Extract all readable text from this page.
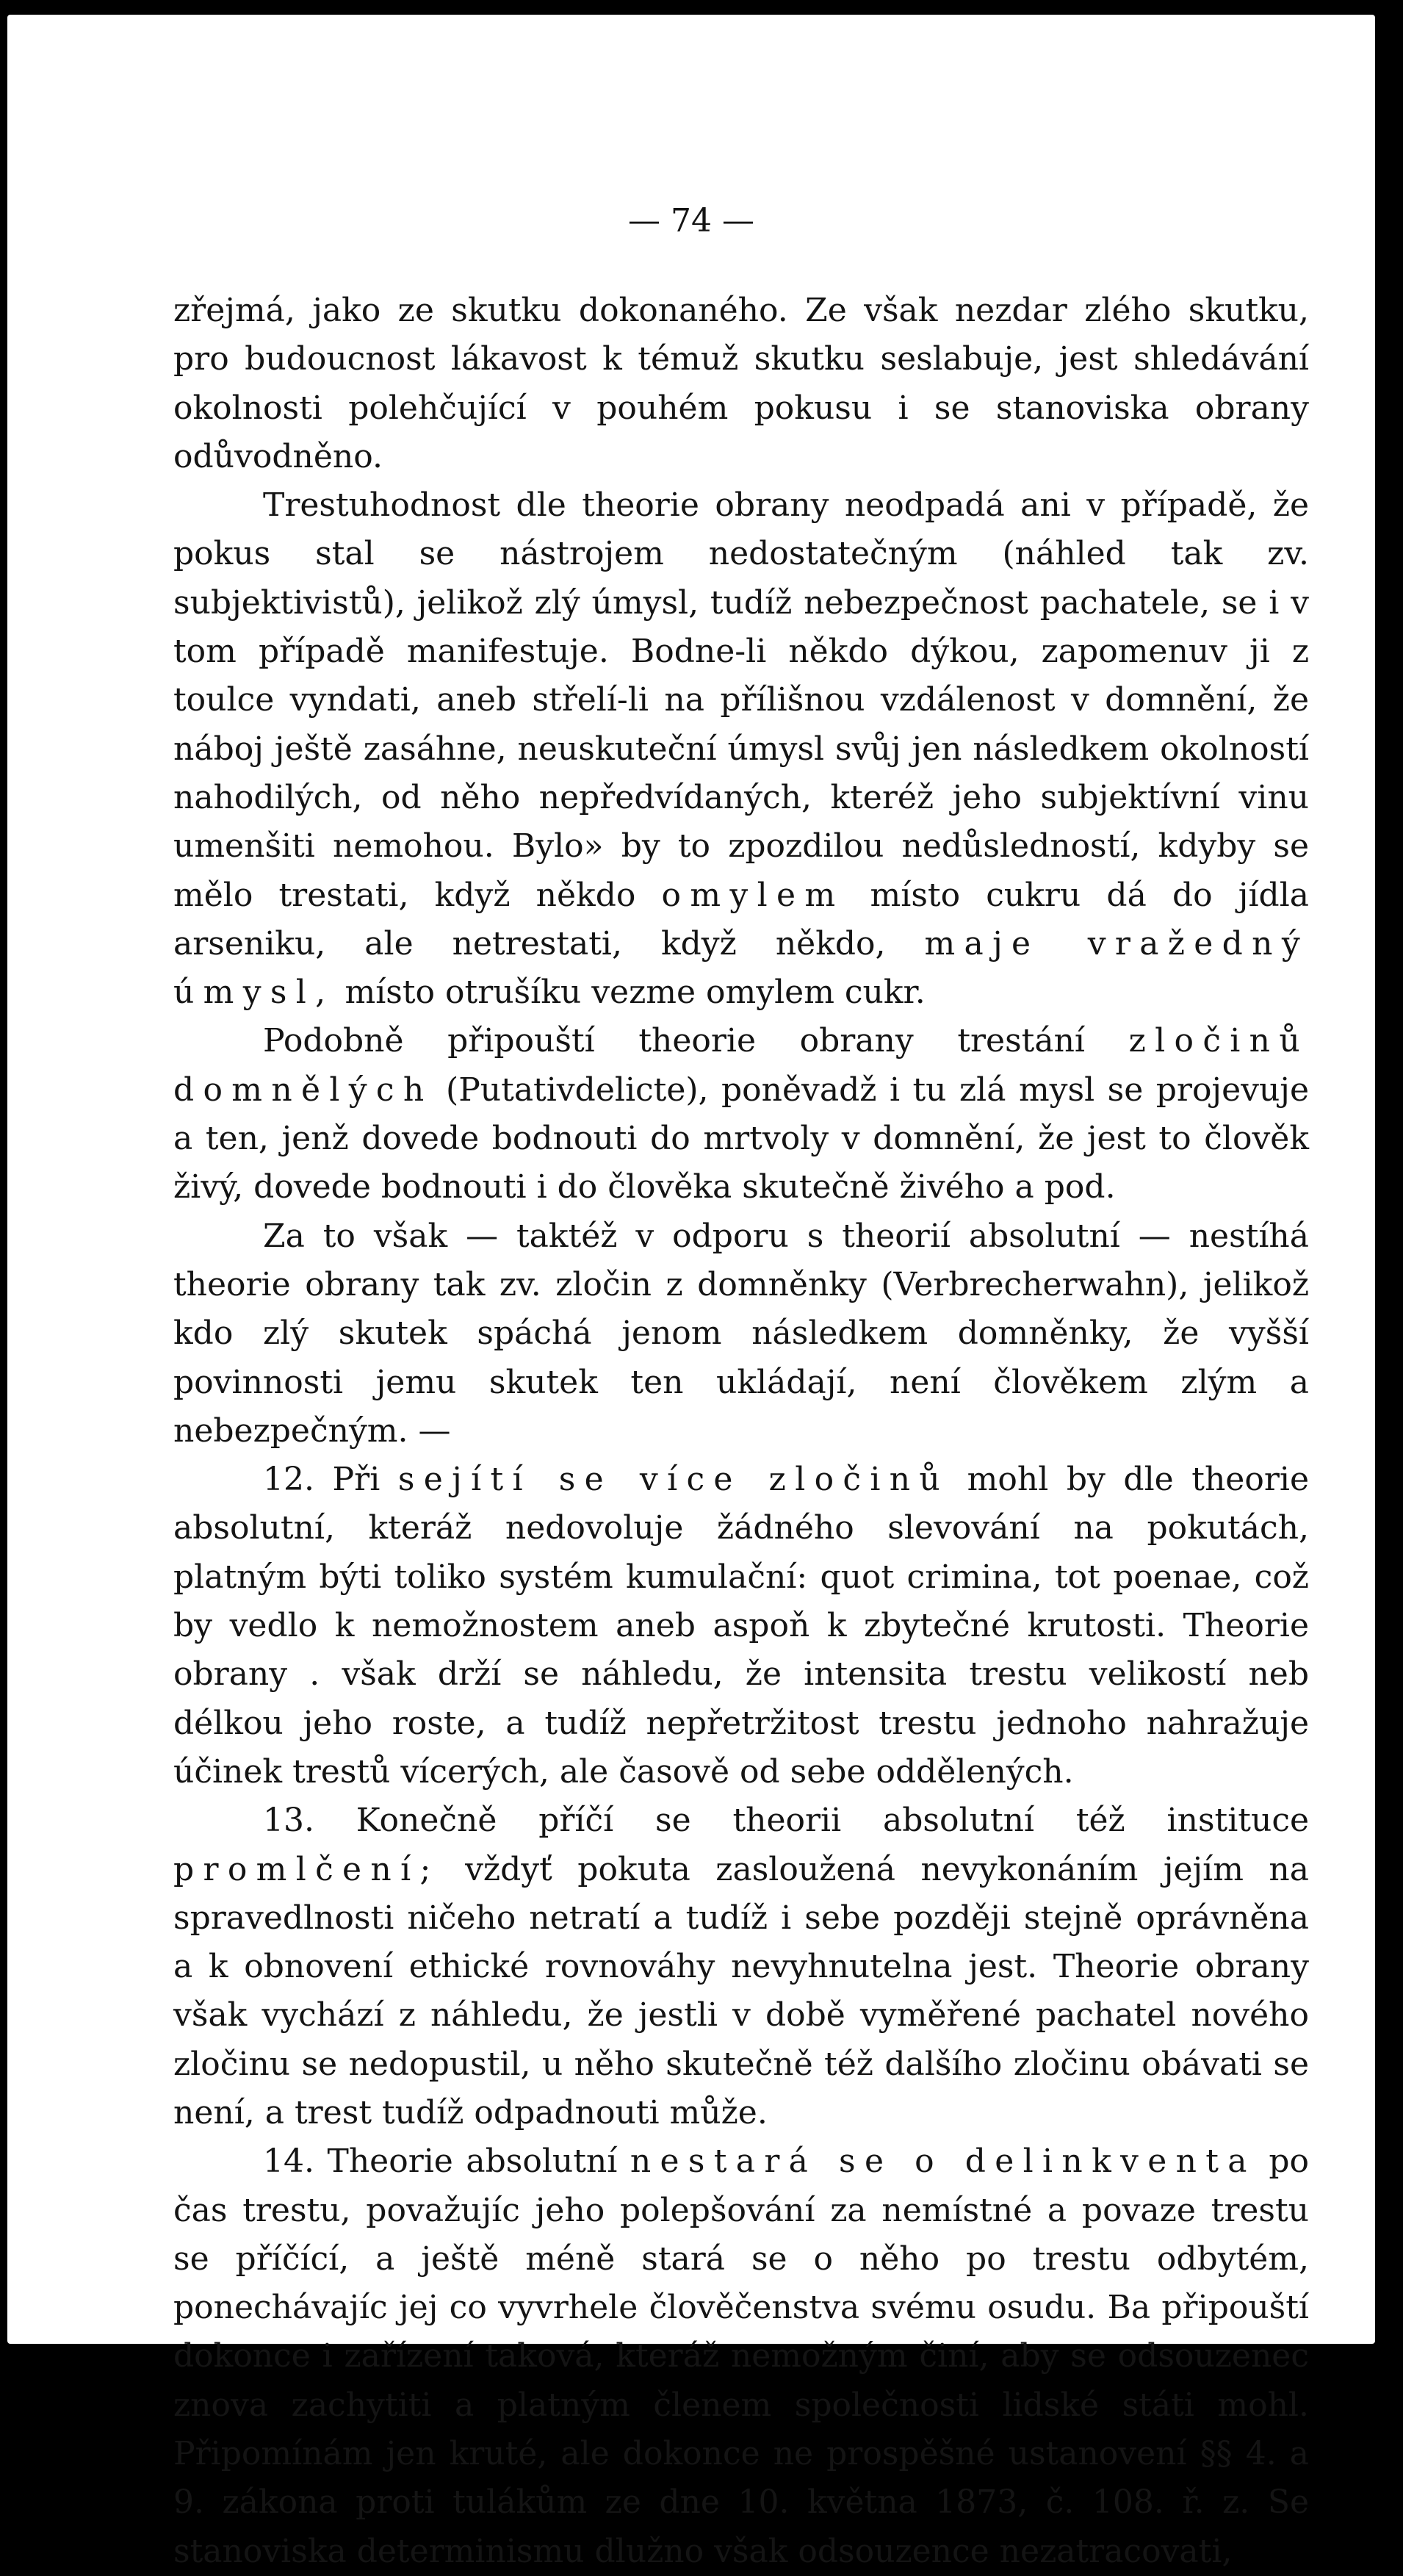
— 74 —

zřejmá, jako ze skutku dokonaného. Ze však nezdar zlého skutku, pro budoucnost lákavost k témuž skutku seslabuje, jest shledávání okolnosti polehčující v pouhém pokusu i se stanoviska obrany odůvodněno.

Trestuhodnost dle theorie obrany neodpadá ani v případě, že pokus stal se nástrojem nedostatečným (náhled tak zv. subjektivistů), jelikož zlý úmysl, tudíž nebezpečnost pachatele, se i v tom případě manifestuje. Bodne-li někdo dýkou, zapomenuv ji z toulce vyndati, aneb střelí-li na přílišnou vzdálenost v domnění, že náboj ještě zasáhne, neuskuteční úmysl svůj jen následkem okolností nahodilých, od něho nepředvídaných, kteréž jeho subjektívní vinu umenšiti nemohou. Bylo» by to zpozdilou nedůsledností, kdyby se mělo trestati, když někdo omylem místo cukru dá do jídla arseniku, ale netrestati, když někdo, maje vražedný úmysl, místo otrušíku vezme omylem cukr.

Podobně připouští theorie obrany trestání zločinů domnělých (Putativdelicte), poněvadž i tu zlá mysl se projevuje a ten, jenž dovede bodnouti do mrtvoly v domnění, že jest to člověk živý, dovede bodnouti i do člověka skutečně živého a pod.

Za to však — taktéž v odporu s theorií absolutní — nestíhá theorie obrany tak zv. zločin z domněnky (Verbrecherwahn), jelikož kdo zlý skutek spáchá jenom následkem domněnky, že vyšší povinnosti jemu skutek ten ukládají, není člověkem zlým a nebezpečným. —

12. Při sejítí se více zločinů mohl by dle theorie absolutní, kteráž nedovoluje žádného slevování na pokutách, platným býti toliko systém kumulační: quot crimina, tot poenae, což by vedlo k nemožnostem aneb aspoň k zbytečné krutosti. Theorie obrany . však drží se náhledu, že intensita trestu velikostí neb délkou jeho roste, a tudíž nepřetržitost trestu jednoho nahražuje účinek trestů vícerých, ale časově od sebe oddělených.

13. Konečně příčí se theorii absolutní též instituce promlčení; vždyť pokuta zasloužená nevykonáním jejím na spravedlnosti ničeho netratí a tudíž i sebe později stejně oprávněna a k obnovení ethické rovnováhy nevyhnutelna jest. Theorie obrany však vychází z náhledu, že jestli v době vyměřené pachatel nového zločinu se nedopustil, u něho skutečně též dalšího zločinu obávati se není, a trest tudíž odpadnouti může.

14. Theorie absolutní nestará se o delinkventa po čas trestu, považujíc jeho polepšování za nemístné a povaze trestu se příčící, a ještě méně stará se o něho po trestu odbytém, ponechávajíc jej co vyvrhele člověčenstva svému osudu. Ba připouští dokonce i zařízení taková, kteráž nemožným činí, aby se odsouzenec znova zachytiti a platným členem společnosti lidské státi mohl. Připomínám jen kruté, ale dokonce ne prospěšné ustanovení §§ 4. a 9. zákona proti tulákům ze dne 10. května 1873, č. 108. ř. z. Se stanoviska determinismu dlužno však odsouzence nezatracovati,
